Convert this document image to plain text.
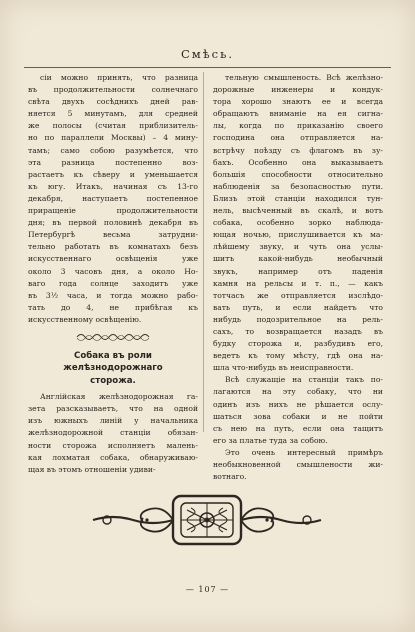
Смѣсь.
сіи можно принять, что разница
въ продолжительности солнечнаго
свѣта двухъ сосѣднихъ дней рав-
няется 5 минутамъ, для средней
же полосы (считая приблизитель-
но по параллели Москвы) – 4 мину-
тамъ; само собою разумѣется, что
эта разница постепенно воз-
растаетъ къ сѣверу и уменьшается
къ югу. Итакъ, начиная съ 13-го
декабря, наступаетъ постепенное
приращеніе продолжительности
дня; въ первой половинѣ декабря въ
Петербургѣ весьма затрудни-
тельно работать въ комнатахъ безъ
искусственнаго освѣщенія уже
около 3 часовъ дня, а около Но-
ваго года солнце заходитъ уже
въ 3½ часа, и тогда можно рабо-
тать до 4, не прибѣгая къ
искусственному освѣщенію.
Собака въ роли желѣзнодорожнаго
сторожа.
Англійская желѣзнодорожная га-
зета разсказываетъ, что на одной
изъ южныхъ линій у начальника
желѣзнодорожной станціи обязан-
ности сторожа исполняетъ малень-
кая лохматая собака, обнаруживаю-
щая въ этомъ отношеніи удиви-
тельную смышленость. Всѣ желѣзно-
дорожные инженеры и кондук-
тора хорошо знаютъ ее и всегда
обращаютъ вниманіе на ея сигна-
лы, когда по приказанію своего
господина она отправляется на-
встрѣчу поѣзду съ флагомъ въ зу-
бахъ. Особенно она выказываетъ
большія способности относительно
наблюденія за безопасностью пути.
Близъ этой станціи находился тун-
нель, высѣченный въ скалѣ, и вотъ
собака, особенно зорко наблюда-
ющая ночью, прислушивается къ ма-
лѣйшему звуку, и чуть она услы-
шитъ какой-нибудь необычный
звукъ, например отъ паденія
камня на рельсы и т. п., — какъ
тотчасъ же отправляется изслѣдо-
вать путь, и если найдетъ что
нибудь подозрительное на рель-
сахъ, то возвращается назадъ въ
будку сторожа и, разбудивъ его,
ведетъ къ тому мѣсту, гдѣ она на-
шла что-нибудь въ неисправности.
Всѣ служащіе на станціи такъ по-
лагаются на эту собаку, что ни
одинъ изъ нихъ не рѣшается ослу-
шаться зова собаки и не пойти
съ нею на путь, если она тащитъ
его за платье туда за собою.
Это очень интересный примѣръ
необыкновенной смышлености жи-
вотнаго.
— 107 —
